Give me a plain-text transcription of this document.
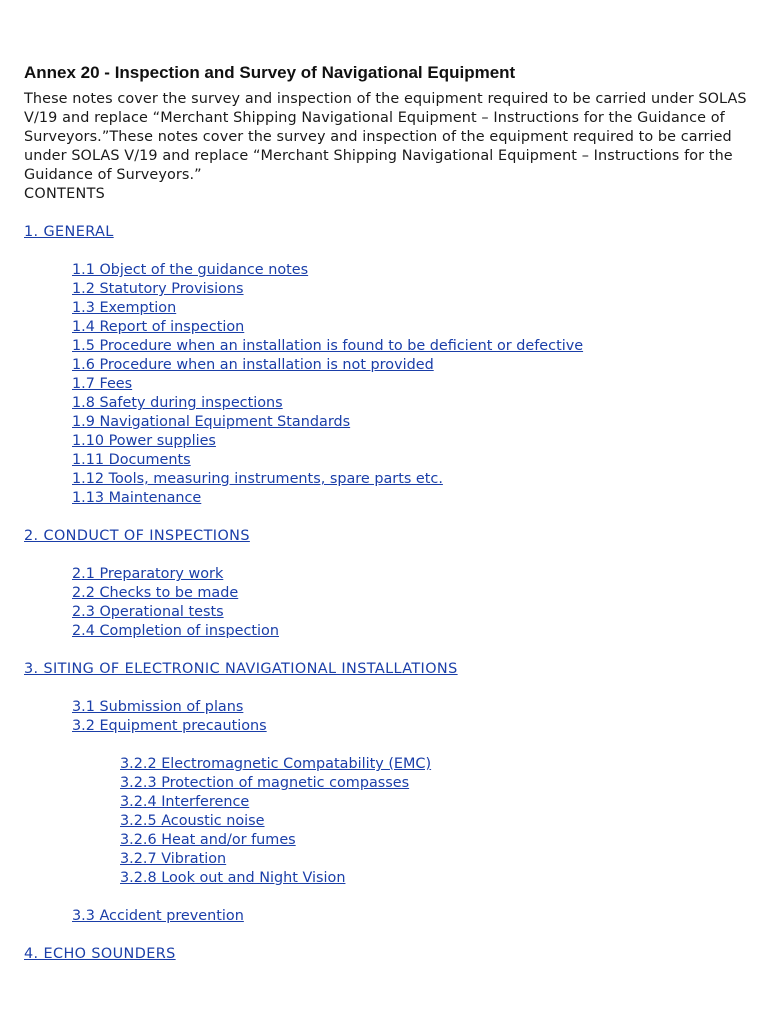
Annex 20 - Inspection and Survey of Navigational Equipment

These notes cover the survey and inspection of the equipment required to be carried under SOLAS V/19 and replace “Merchant Shipping Navigational Equipment – Instructions for the Guidance of Surveyors.”These notes cover the survey and inspection of the equipment required to be carried under SOLAS V/19 and replace “Merchant Shipping Navigational Equipment – Instructions for the Guidance of Surveyors.”

CONTENTS

1. GENERAL
1.1 Object of the guidance notes
1.2 Statutory Provisions
1.3 Exemption
1.4 Report of inspection
1.5 Procedure when an installation is found to be deficient or defective
1.6 Procedure when an installation is not provided
1.7 Fees
1.8 Safety during inspections
1.9 Navigational Equipment Standards
1.10 Power supplies
1.11 Documents
1.12 Tools, measuring instruments, spare parts etc.
1.13 Maintenance
2. CONDUCT OF INSPECTIONS
2.1 Preparatory work
2.2 Checks to be made
2.3 Operational tests
2.4 Completion of inspection
3. SITING OF ELECTRONIC NAVIGATIONAL INSTALLATIONS
3.1 Submission of plans
3.2 Equipment precautions
3.2.2 Electromagnetic Compatability (EMC)
3.2.3 Protection of magnetic compasses
3.2.4 Interference
3.2.5 Acoustic noise
3.2.6 Heat and/or fumes
3.2.7 Vibration
3.2.8 Look out and Night Vision
3.3 Accident prevention
4. ECHO SOUNDERS
